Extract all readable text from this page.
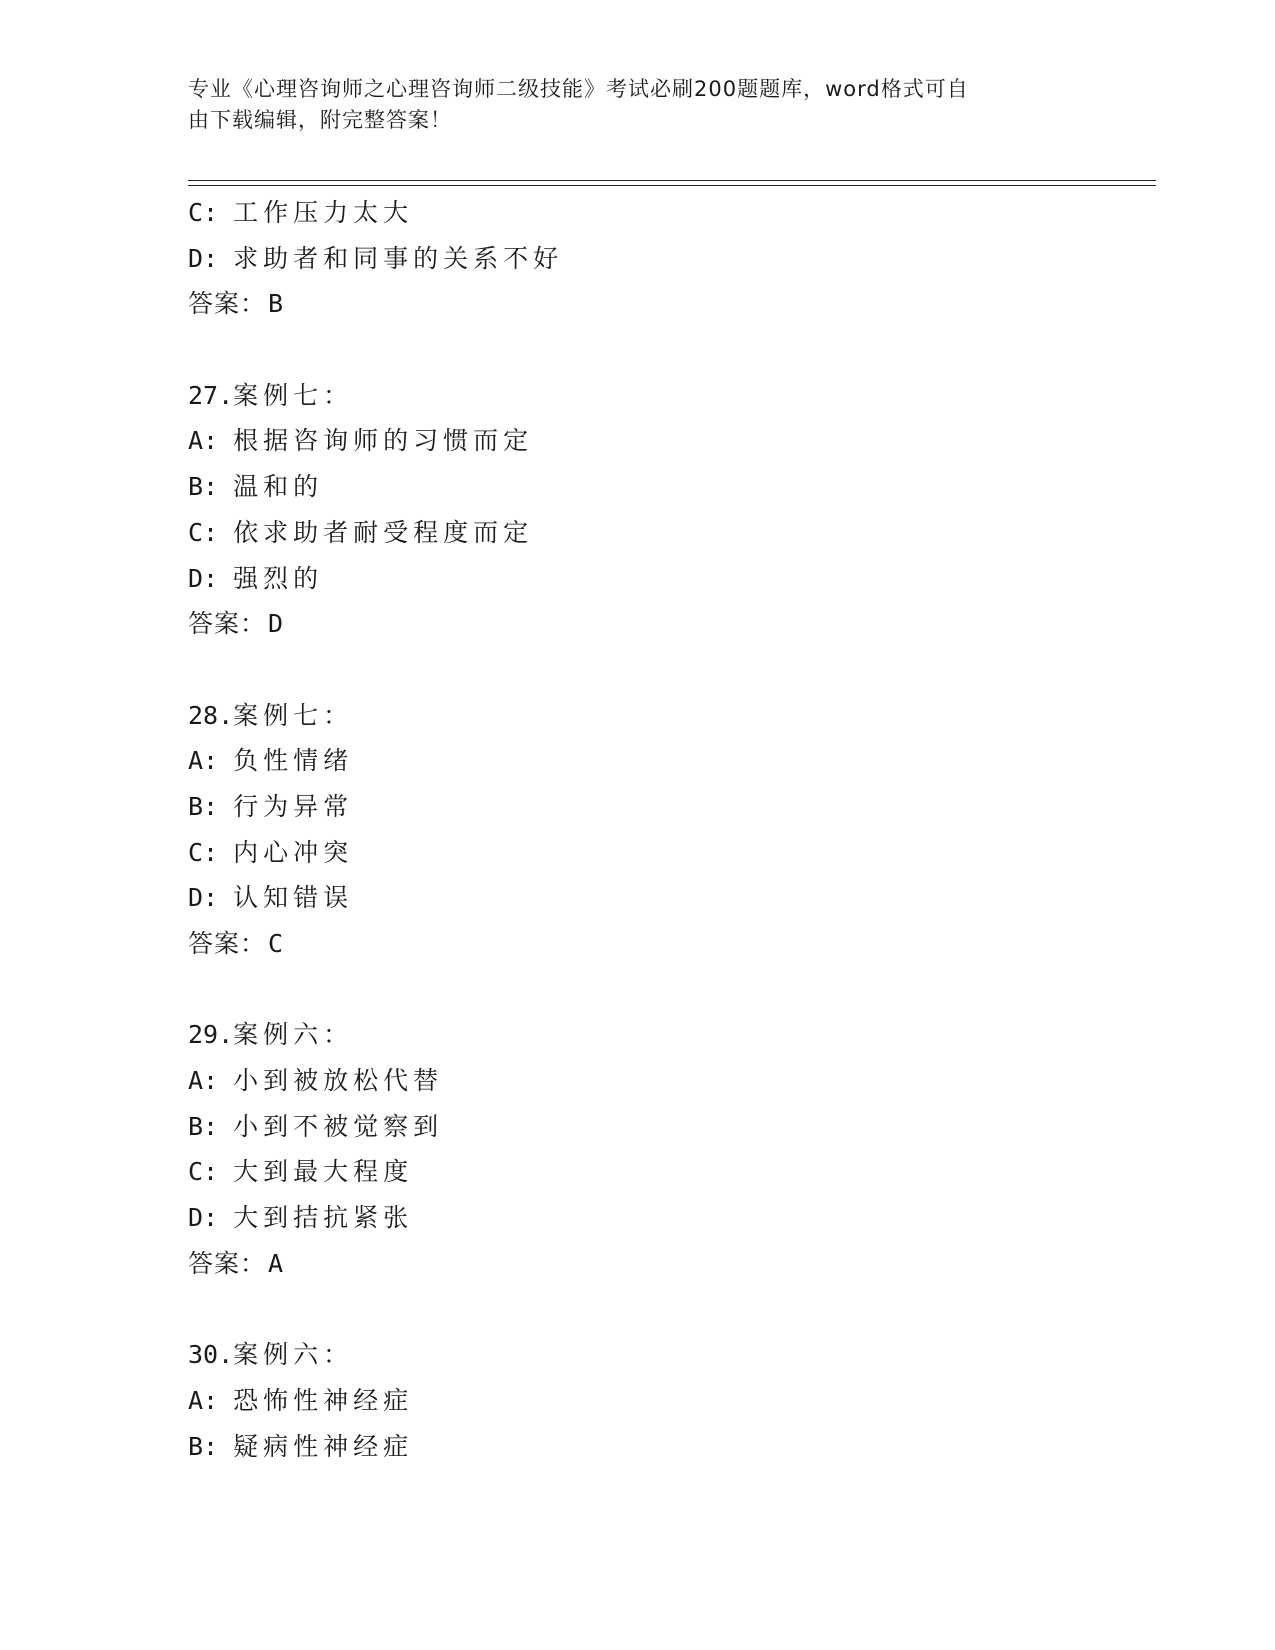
专业《心理咨询师之心理咨询师二级技能》考试必刷200题题库，word格式可自
由下载编辑，附完整答案！
C: 工作压力太大
D: 求助者和同事的关系不好
答案：B
27.案例七：
A: 根据咨询师的习惯而定
B: 温和的
C: 依求助者耐受程度而定
D: 强烈的
答案：D
28.案例七：
A: 负性情绪
B: 行为异常
C: 内心冲突
D: 认知错误
答案：C
29.案例六：
A: 小到被放松代替
B: 小到不被觉察到
C: 大到最大程度
D: 大到拮抗紧张
答案：A
30.案例六：
A: 恐怖性神经症
B: 疑病性神经症
